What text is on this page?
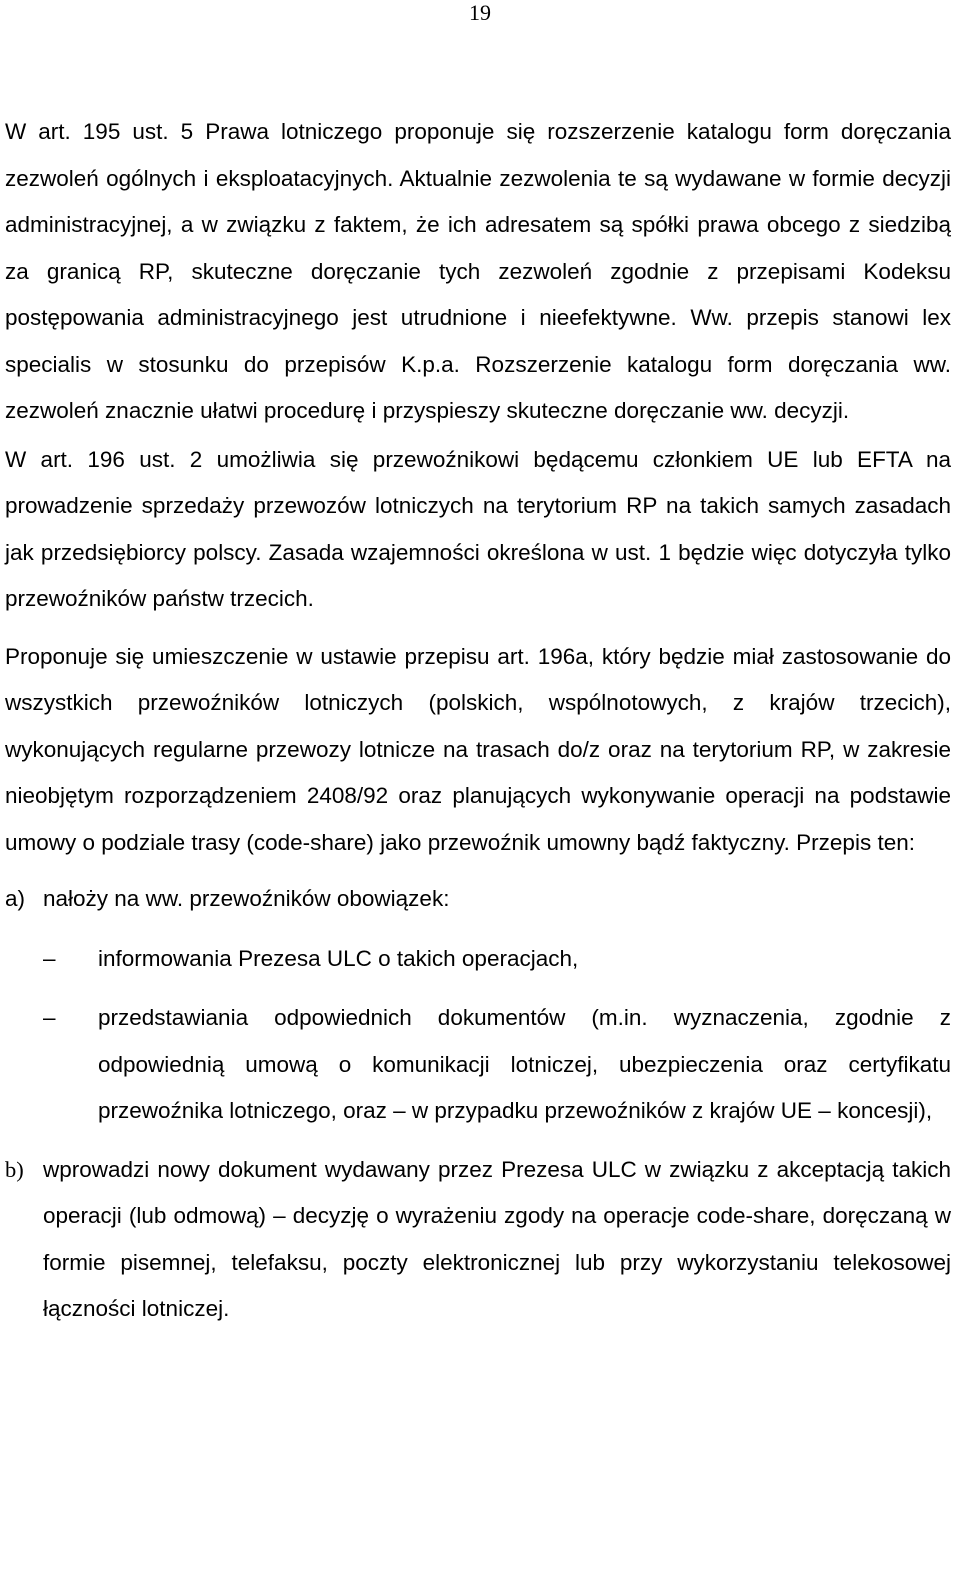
19

W art. 195 ust. 5 Prawa lotniczego proponuje się rozszerzenie katalogu form doręczania zezwoleń ogólnych i eksploatacyjnych. Aktualnie zezwolenia te są wydawane w formie decyzji administracyjnej, a w związku z faktem, że ich adresatem są spółki prawa obcego z siedzibą za granicą RP, skuteczne doręczanie tych zezwoleń zgodnie z przepisami Kodeksu postępowania administracyjnego jest utrudnione i nieefektywne. Ww. przepis stanowi lex specialis w stosunku do przepisów K.p.a. Rozszerzenie katalogu form doręczania ww. zezwoleń znacznie ułatwi procedurę i przyspieszy skuteczne doręczanie ww. decyzji.

W art. 196 ust. 2 umożliwia się przewoźnikowi będącemu członkiem UE lub EFTA na prowadzenie sprzedaży przewozów lotniczych na terytorium RP na takich samych zasadach jak przedsiębiorcy polscy. Zasada wzajemności określona w ust. 1 będzie więc dotyczyła tylko przewoźników państw trzecich.

Proponuje się umieszczenie w ustawie przepisu art. 196a, który będzie miał zastosowanie do wszystkich przewoźników lotniczych (polskich, wspólnotowych, z krajów trzecich), wykonujących regularne przewozy lotnicze na trasach do/z oraz na terytorium RP, w zakresie nieobjętym rozporządzeniem 2408/92 oraz planujących wykonywanie operacji na podstawie umowy o podziale trasy (code-share) jako przewoźnik umowny bądź faktyczny. Przepis ten:

a) nałoży na ww. przewoźników obowiązek:
– informowania Prezesa ULC o takich operacjach,
– przedstawiania odpowiednich dokumentów (m.in. wyznaczenia, zgodnie z odpowiednią umową o komunikacji lotniczej, ubezpieczenia oraz certyfikatu przewoźnika lotniczego, oraz – w przypadku przewoźników z krajów UE – koncesji),
b) wprowadzi nowy dokument wydawany przez Prezesa ULC w związku z akceptacją takich operacji (lub odmową) – decyzję o wyrażeniu zgody na operacje code-share, doręczaną w formie pisemnej, telefaksu, poczty elektronicznej lub przy wykorzystaniu telekosowej łączności lotniczej.
